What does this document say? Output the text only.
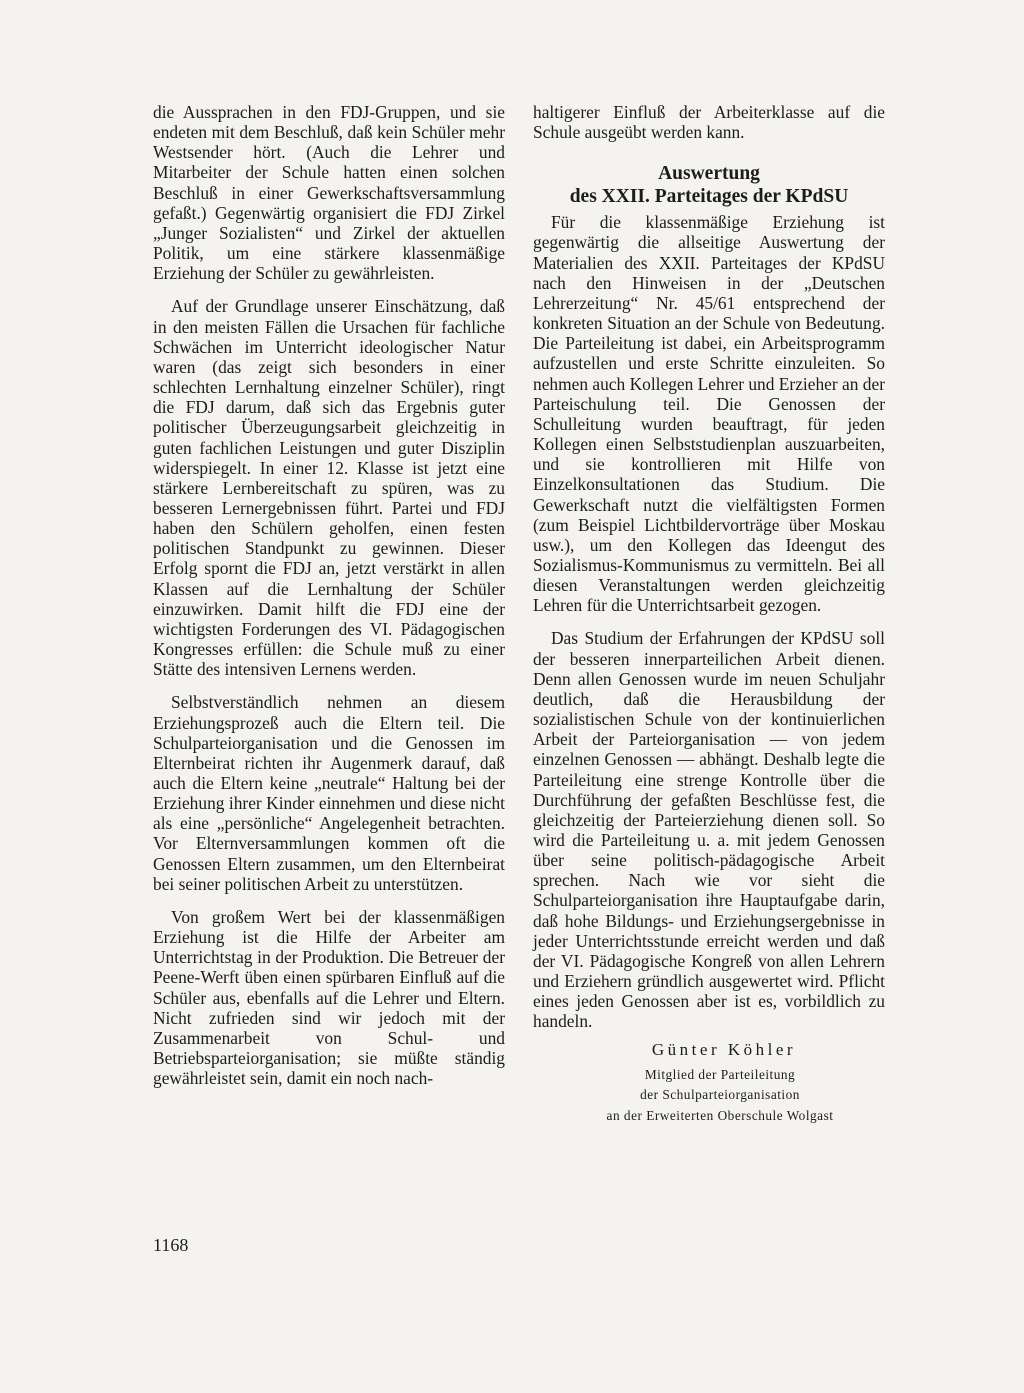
die Aussprachen in den FDJ-Gruppen, und sie endeten mit dem Beschluß, daß kein Schüler mehr Westsender hört. (Auch die Lehrer und Mitarbeiter der Schule hatten einen solchen Beschluß in einer Gewerkschaftsversammlung gefaßt.) Gegenwärtig organisiert die FDJ Zirkel „Junger Sozialisten“ und Zirkel der aktuellen Politik, um eine stärkere klassenmäßige Erziehung der Schüler zu gewährleisten.

Auf der Grundlage unserer Einschätzung, daß in den meisten Fällen die Ursachen für fachliche Schwächen im Unterricht ideologischer Natur waren (das zeigt sich besonders in einer schlechten Lernhaltung einzelner Schüler), ringt die FDJ darum, daß sich das Ergebnis guter politischer Überzeugungsarbeit gleichzeitig in guten fachlichen Leistungen und guter Disziplin widerspiegelt. In einer 12. Klasse ist jetzt eine stärkere Lernbereitschaft zu spüren, was zu besseren Lernergebnissen führt. Partei und FDJ haben den Schülern geholfen, einen festen politischen Standpunkt zu gewinnen. Dieser Erfolg spornt die FDJ an, jetzt verstärkt in allen Klassen auf die Lernhaltung der Schüler einzuwirken. Damit hilft die FDJ eine der wichtigsten Forderungen des VI. Pädagogischen Kongresses erfüllen: die Schule muß zu einer Stätte des intensiven Lernens werden.

Selbstverständlich nehmen an diesem Erziehungsprozeß auch die Eltern teil. Die Schulparteiorganisation und die Genossen im Elternbeirat richten ihr Augenmerk darauf, daß auch die Eltern keine „neutrale“ Haltung bei der Erziehung ihrer Kinder einnehmen und diese nicht als eine „persönliche“ Angelegenheit betrachten. Vor Elternversammlungen kommen oft die Genossen Eltern zusammen, um den Elternbeirat bei seiner politischen Arbeit zu unterstützen.

Von großem Wert bei der klassenmäßigen Erziehung ist die Hilfe der Arbeiter am Unterrichtstag in der Produktion. Die Betreuer der Peene-Werft üben einen spürbaren Einfluß auf die Schüler aus, ebenfalls auf die Lehrer und Eltern. Nicht zufrieden sind wir jedoch mit der Zusammenarbeit von Schul- und Betriebsparteiorganisation; sie müßte ständig gewährleistet sein, damit ein noch nach-

haltigerer Einfluß der Arbeiterklasse auf die Schule ausgeübt werden kann.

Auswertung
des XXII. Parteitages der KPdSU

Für die klassenmäßige Erziehung ist gegenwärtig die allseitige Auswertung der Materialien des XXII. Parteitages der KPdSU nach den Hinweisen in der „Deutschen Lehrerzeitung“ Nr. 45/61 entsprechend der konkreten Situation an der Schule von Bedeutung. Die Parteileitung ist dabei, ein Arbeitsprogramm aufzustellen und erste Schritte einzuleiten. So nehmen auch Kollegen Lehrer und Erzieher an der Parteischulung teil. Die Genossen der Schulleitung wurden beauftragt, für jeden Kollegen einen Selbststudienplan auszuarbeiten, und sie kontrollieren mit Hilfe von Einzelkonsultationen das Studium. Die Gewerkschaft nutzt die vielfältigsten Formen (zum Beispiel Lichtbildervorträge über Moskau usw.), um den Kollegen das Ideengut des Sozialismus-Kommunismus zu vermitteln. Bei all diesen Veranstaltungen werden gleichzeitig Lehren für die Unterrichtsarbeit gezogen.

Das Studium der Erfahrungen der KPdSU soll der besseren innerparteilichen Arbeit dienen. Denn allen Genossen wurde im neuen Schuljahr deutlich, daß die Herausbildung der sozialistischen Schule von der kontinuierlichen Arbeit der Parteiorganisation — von jedem einzelnen Genossen — abhängt. Deshalb legte die Parteileitung eine strenge Kontrolle über die Durchführung der gefaßten Beschlüsse fest, die gleichzeitig der Parteierziehung dienen soll. So wird die Parteileitung u. a. mit jedem Genossen über seine politisch-pädagogische Arbeit sprechen. Nach wie vor sieht die Schulparteiorganisation ihre Hauptaufgabe darin, daß hohe Bildungs- und Erziehungsergebnisse in jeder Unterrichtsstunde erreicht werden und daß der VI. Pädagogische Kongreß von allen Lehrern und Erziehern gründlich ausgewertet wird. Pflicht eines jeden Genossen aber ist es, vorbildlich zu handeln.

Günter Köhler
Mitglied der Parteileitung
der Schulparteiorganisation
an der Erweiterten Oberschule Wolgast
1168
